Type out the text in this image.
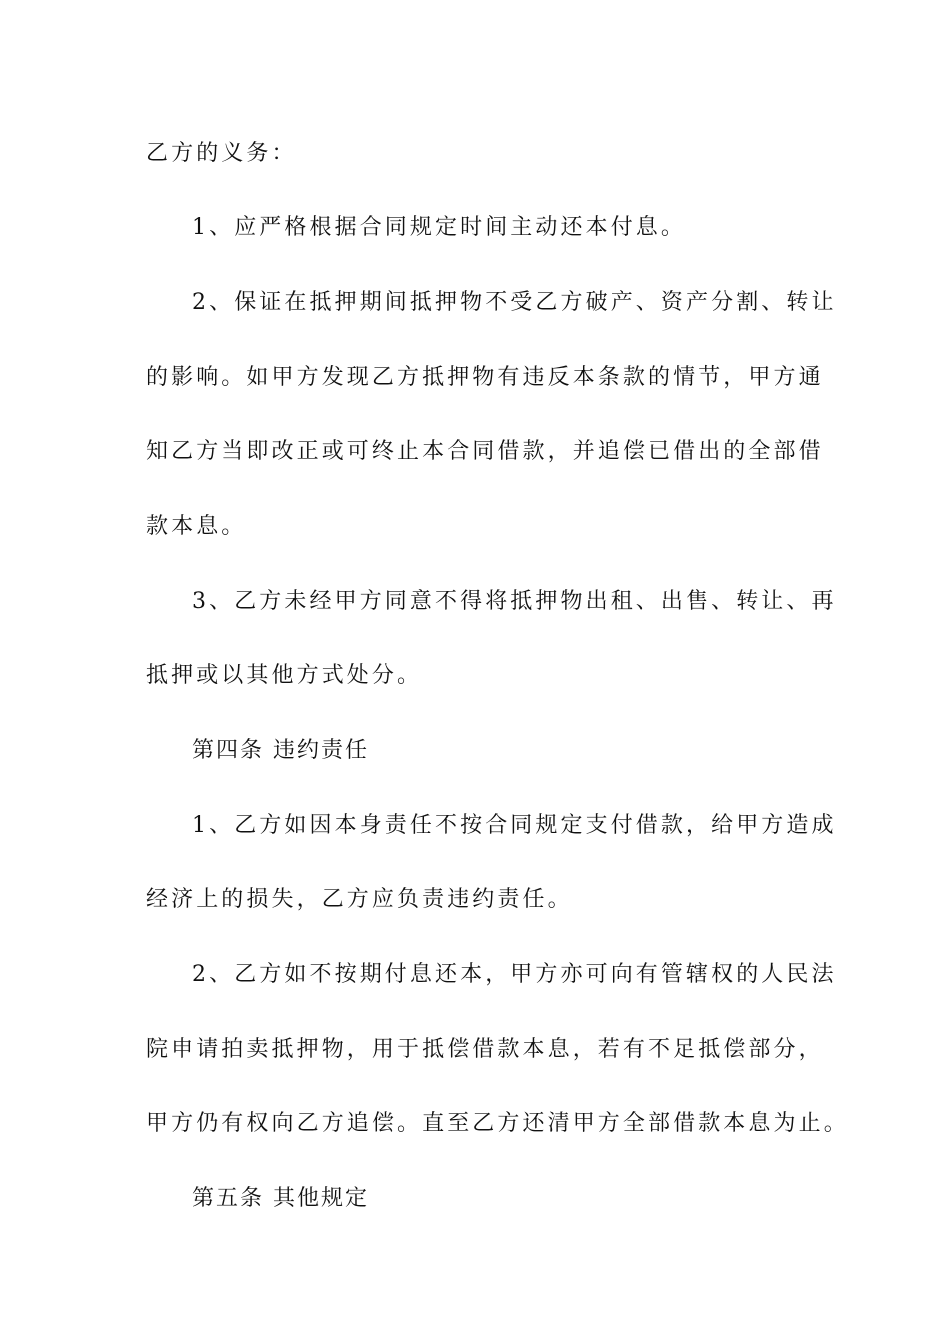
乙方的义务：
1、应严格根据合同规定时间主动还本付息。
2、保证在抵押期间抵押物不受乙方破产、资产分割、转让
的影响。如甲方发现乙方抵押物有违反本条款的情节，甲方通
知乙方当即改正或可终止本合同借款，并追偿已借出的全部借
款本息。
3、乙方未经甲方同意不得将抵押物出租、出售、转让、再
抵押或以其他方式处分。
第四条 违约责任
1、乙方如因本身责任不按合同规定支付借款，给甲方造成
经济上的损失，乙方应负责违约责任。
2、乙方如不按期付息还本，甲方亦可向有管辖权的人民法
院申请拍卖抵押物，用于抵偿借款本息，若有不足抵偿部分，
甲方仍有权向乙方追偿。直至乙方还清甲方全部借款本息为止。
第五条 其他规定
